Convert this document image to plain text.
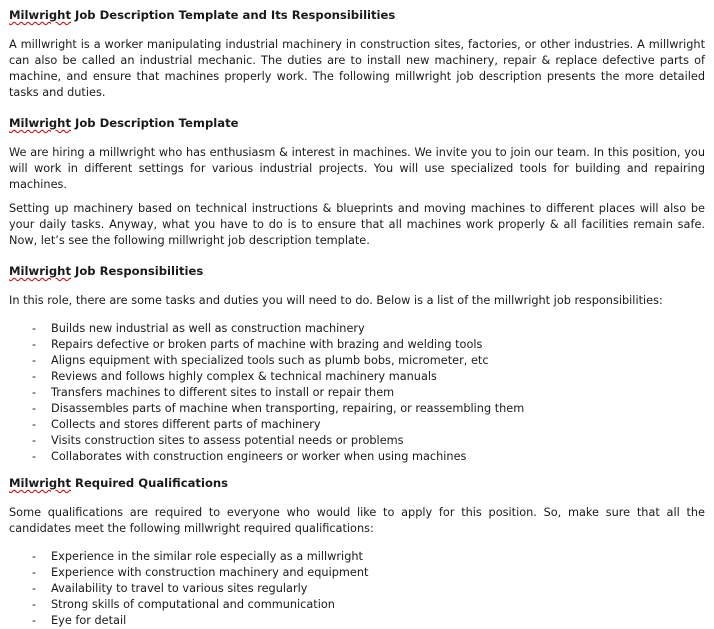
Milwright Job Description Template and Its Responsibilities

A millwright is a worker manipulating industrial machinery in construction sites, factories, or other industries. A millwright can also be called an industrial mechanic. The duties are to install new machinery, repair & replace defective parts of machine, and ensure that machines properly work. The following millwright job description presents the more detailed tasks and duties.

Milwright Job Description Template

We are hiring a millwright who has enthusiasm & interest in machines. We invite you to join our team. In this position, you will work in different settings for various industrial projects. You will use specialized tools for building and repairing machines.

Setting up machinery based on technical instructions & blueprints and moving machines to different places will also be your daily tasks. Anyway, what you have to do is to ensure that all machines work properly & all facilities remain safe. Now, let’s see the following millwright job description template.

Milwright Job Responsibilities

In this role, there are some tasks and duties you will need to do. Below is a list of the millwright job responsibilities:

- Builds new industrial as well as construction machinery
- Repairs defective or broken parts of machine with brazing and welding tools
- Aligns equipment with specialized tools such as plumb bobs, micrometer, etc
- Reviews and follows highly complex & technical machinery manuals
- Transfers machines to different sites to install or repair them
- Disassembles parts of machine when transporting, repairing, or reassembling them
- Collects and stores different parts of machinery
- Visits construction sites to assess potential needs or problems
- Collaborates with construction engineers or worker when using machines
Milwright Required Qualifications

Some qualifications are required to everyone who would like to apply for this position. So, make sure that all the candidates meet the following millwright required qualifications:

- Experience in the similar role especially as a millwright
- Experience with construction machinery and equipment
- Availability to travel to various sites regularly
- Strong skills of computational and communication
- Eye for detail
